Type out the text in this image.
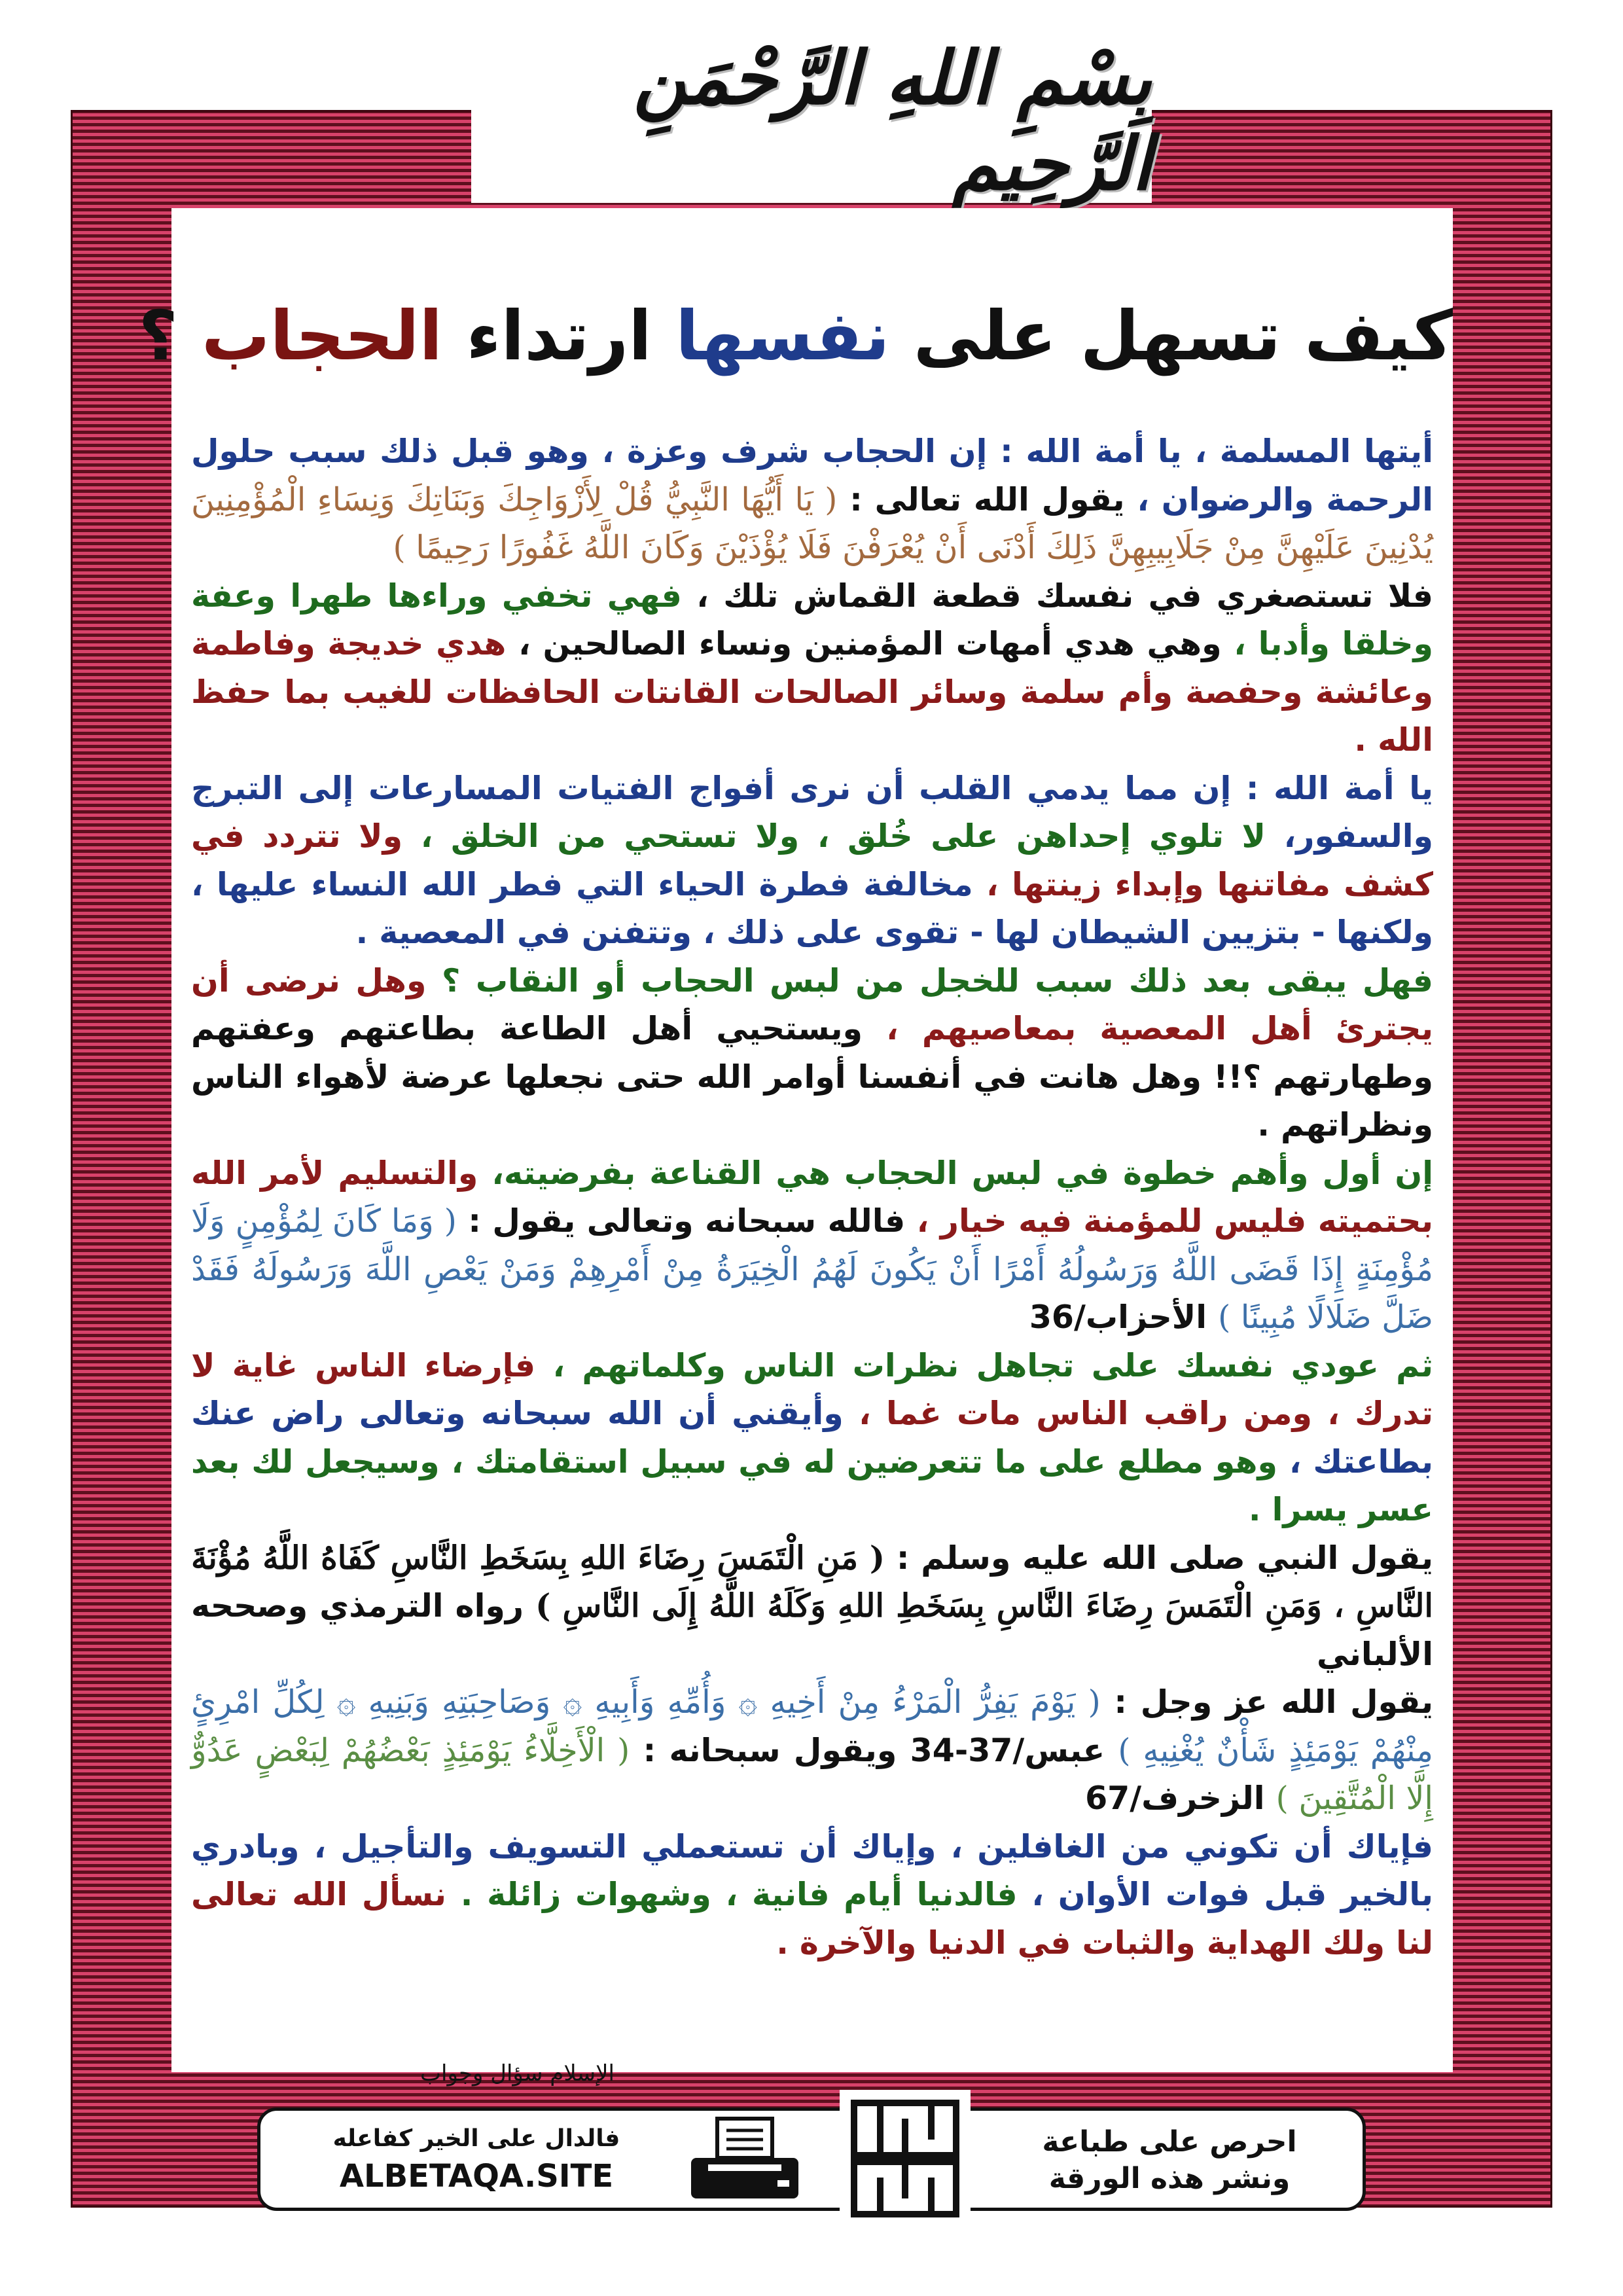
بِسْمِ اللهِ الرَّحْمَنِ الرَّحِيمِ
كيف تسهل على نفسها ارتداء الحجاب ؟

أيتها المسلمة ، يا أمة الله : إن الحجاب شرف وعزة ، وهو قبل ذلك سبب حلول الرحمة والرضوان ، يقول الله تعالى : ( يَا أَيُّهَا النَّبِيُّ قُلْ لِأَزْوَاجِكَ وَبَنَاتِكَ وَنِسَاءِ الْمُؤْمِنِينَ يُدْنِينَ عَلَيْهِنَّ مِنْ جَلَابِيبِهِنَّ ذَلِكَ أَدْنَى أَنْ يُعْرَفْنَ فَلَا يُؤْذَيْنَ وَكَانَ اللَّهُ غَفُورًا رَحِيمًا )

فلا تستصغري في نفسك قطعة القماش تلك ، فهي تخفي وراءها طهرا وعفة وخلقا وأدبا ، وهي هدي أمهات المؤمنين ونساء الصالحين ، هدي خديجة وفاطمة وعائشة وحفصة وأم سلمة وسائر الصالحات القانتات الحافظات للغيب بما حفظ الله .

يا أمة الله : إن مما يدمي القلب أن نرى أفواج الفتيات المسارعات إلى التبرج والسفور، لا تلوي إحداهن على خُلق ، ولا تستحي من الخلق ، ولا تتردد في كشف مفاتنها وإبداء زينتها ، مخالفة فطرة الحياء التي فطر الله النساء عليها ، ولكنها - بتزيين الشيطان لها - تقوى على ذلك ، وتتفنن في المعصية .

فهل يبقى بعد ذلك سبب للخجل من لبس الحجاب أو النقاب ؟ وهل نرضى أن يجترئ أهل المعصية بمعاصيهم ، ويستحيي أهل الطاعة بطاعتهم وعفتهم وطهارتهم ؟!! وهل هانت في أنفسنا أوامر الله حتى نجعلها عرضة لأهواء الناس ونظراتهم .

إن أول وأهم خطوة في لبس الحجاب هي القناعة بفرضيته، والتسليم لأمر الله بحتميته فليس للمؤمنة فيه خيار ، فالله سبحانه وتعالى يقول : ( وَمَا كَانَ لِمُؤْمِنٍ وَلَا مُؤْمِنَةٍ إِذَا قَضَى اللَّهُ وَرَسُولُهُ أَمْرًا أَنْ يَكُونَ لَهُمُ الْخِيَرَةُ مِنْ أَمْرِهِمْ وَمَنْ يَعْصِ اللَّهَ وَرَسُولَهُ فَقَدْ ضَلَّ ضَلَالًا مُبِينًا ) الأحزاب/36

ثم عودي نفسك على تجاهل نظرات الناس وكلماتهم ، فإرضاء الناس غاية لا تدرك ، ومن راقب الناس مات غما ، وأيقني أن الله سبحانه وتعالى راض عنك بطاعتك ، وهو مطلع على ما تتعرضين له في سبيل استقامتك ، وسيجعل لك بعد عسر يسرا .

يقول النبي صلى الله عليه وسلم : ( مَنِ الْتَمَسَ رِضَاءَ اللهِ بِسَخَطِ النَّاسِ كَفَاهُ اللَّهُ مُؤْنَةَ النَّاسِ ، وَمَنِ الْتَمَسَ رِضَاءَ النَّاسِ بِسَخَطِ اللهِ وَكَلَهُ اللَّهُ إِلَى النَّاسِ ) رواه الترمذي وصححه الألباني

يقول الله عز وجل : ( يَوْمَ يَفِرُّ الْمَرْءُ مِنْ أَخِيهِ ۞ وَأُمِّهِ وَأَبِيهِ ۞ وَصَاحِبَتِهِ وَبَنِيهِ ۞ لِكُلِّ امْرِئٍ مِنْهُمْ يَوْمَئِذٍ شَأْنٌ يُغْنِيهِ ) عبس/37-34 ويقول سبحانه : ( الْأَخِلَّاءُ يَوْمَئِذٍ بَعْضُهُمْ لِبَعْضٍ عَدُوٌّ إِلَّا الْمُتَّقِينَ ) الزخرف/67

فإياك أن تكوني من الغافلين ، وإياك أن تستعملي التسويف والتأجيل ، وبادري بالخير قبل فوات الأوان ، فالدنيا أيام فانية ، وشهوات زائلة . نسأل الله تعالى لنا ولك الهداية والثبات في الدنيا والآخرة .

الإسلام سؤال وجواب
فالدال على الخير كفاعله
ALBETAQA.SITE
احرص على طباعة
ونشر هذه الورقة
